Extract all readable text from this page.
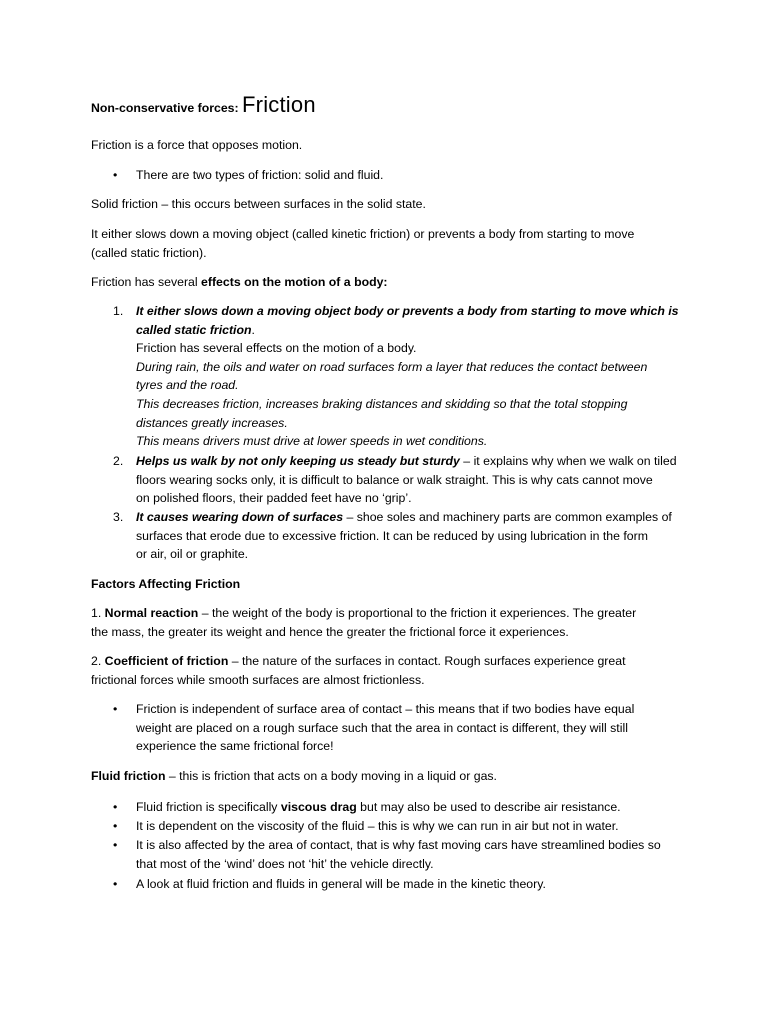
Non-conservative forces: Friction

Friction is a force that opposes motion.

• There are two types of friction: solid and fluid.

Solid friction – this occurs between surfaces in the solid state.

It either slows down a moving object (called kinetic friction) or prevents a body from starting to move
(called static friction).

Friction has several effects on the motion of a body:

1. It either slows down a moving object body or prevents a body from starting to move which is
called static friction.
Friction has several effects on the motion of a body.
During rain, the oils and water on road surfaces form a layer that reduces the contact between
tyres and the road.
This decreases friction, increases braking distances and skidding so that the total stopping
distances greatly increases.
This means drivers must drive at lower speeds in wet conditions.
2. Helps us walk by not only keeping us steady but sturdy – it explains why when we walk on tiled
floors wearing socks only, it is difficult to balance or walk straight. This is why cats cannot move
on polished floors, their padded feet have no ‘grip’.
3. It causes wearing down of surfaces – shoe soles and machinery parts are common examples of
surfaces that erode due to excessive friction. It can be reduced by using lubrication in the form
or air, oil or graphite.

Factors Affecting Friction

1. Normal reaction – the weight of the body is proportional to the friction it experiences. The greater
the mass, the greater its weight and hence the greater the frictional force it experiences.

2. Coefficient of friction – the nature of the surfaces in contact. Rough surfaces experience great
frictional forces while smooth surfaces are almost frictionless.

• Friction is independent of surface area of contact – this means that if two bodies have equal
weight are placed on a rough surface such that the area in contact is different, they will still
experience the same frictional force!

Fluid friction – this is friction that acts on a body moving in a liquid or gas.

• Fluid friction is specifically viscous drag but may also be used to describe air resistance.

• It is dependent on the viscosity of the fluid – this is why we can run in air but not in water.

• It is also affected by the area of contact, that is why fast moving cars have streamlined bodies so
that most of the ‘wind’ does not ‘hit’ the vehicle directly.
• A look at fluid friction and fluids in general will be made in the kinetic theory.
